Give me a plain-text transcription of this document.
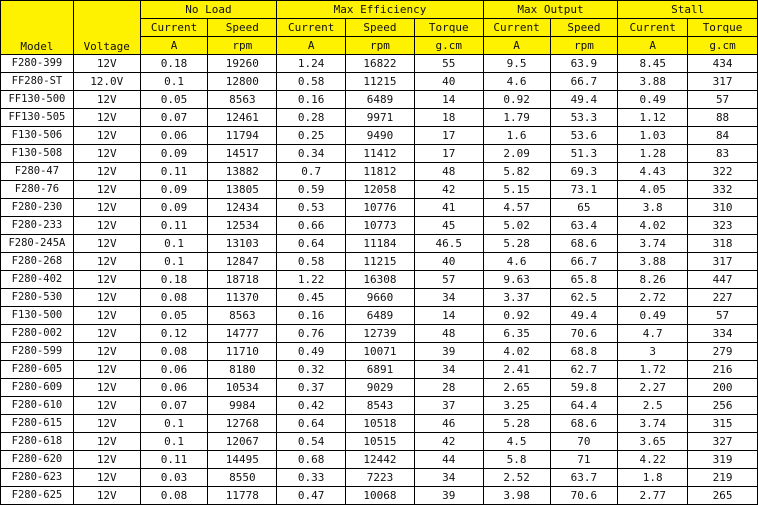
Model	Voltage	No Load		Max Efficiency			Max Output		Stall	
		Current	Speed	Current	Speed	Torque	Current	Speed	Current	Torque
		A	rpm	A	rpm	g.cm	A	rpm	A	g.cm
F280-399	12V	0.18	19260	1.24	16822	55	9.5	63.9	8.45	434
FF280-ST	12.0V	0.1	12800	0.58	11215	40	4.6	66.7	3.88	317
FF130-500	12V	0.05	8563	0.16	6489	14	0.92	49.4	0.49	57
FF130-505	12V	0.07	12461	0.28	9971	18	1.79	53.3	1.12	88
F130-506	12V	0.06	11794	0.25	9490	17	1.6	53.6	1.03	84
F130-508	12V	0.09	14517	0.34	11412	17	2.09	51.3	1.28	83
F280-47	12V	0.11	13882	0.7	11812	48	5.82	69.3	4.43	322
F280-76	12V	0.09	13805	0.59	12058	42	5.15	73.1	4.05	332
F280-230	12V	0.09	12434	0.53	10776	41	4.57	65	3.8	310
F280-233	12V	0.11	12534	0.66	10773	45	5.02	63.4	4.02	323
F280-245A	12V	0.1	13103	0.64	11184	46.5	5.28	68.6	3.74	318
F280-268	12V	0.1	12847	0.58	11215	40	4.6	66.7	3.88	317
F280-402	12V	0.18	18718	1.22	16308	57	9.63	65.8	8.26	447
F280-530	12V	0.08	11370	0.45	9660	34	3.37	62.5	2.72	227
F130-500	12V	0.05	8563	0.16	6489	14	0.92	49.4	0.49	57
F280-002	12V	0.12	14777	0.76	12739	48	6.35	70.6	4.7	334
F280-599	12V	0.08	11710	0.49	10071	39	4.02	68.8	3	279
F280-605	12V	0.06	8180	0.32	6891	34	2.41	62.7	1.72	216
F280-609	12V	0.06	10534	0.37	9029	28	2.65	59.8	2.27	200
F280-610	12V	0.07	9984	0.42	8543	37	3.25	64.4	2.5	256
F280-615	12V	0.1	12768	0.64	10518	46	5.28	68.6	3.74	315
F280-618	12V	0.1	12067	0.54	10515	42	4.5	70	3.65	327
F280-620	12V	0.11	14495	0.68	12442	44	5.8	71	4.22	319
F280-623	12V	0.03	8550	0.33	7223	34	2.52	63.7	1.8	219
F280-625	12V	0.08	11778	0.47	10068	39	3.98	70.6	2.77	265
